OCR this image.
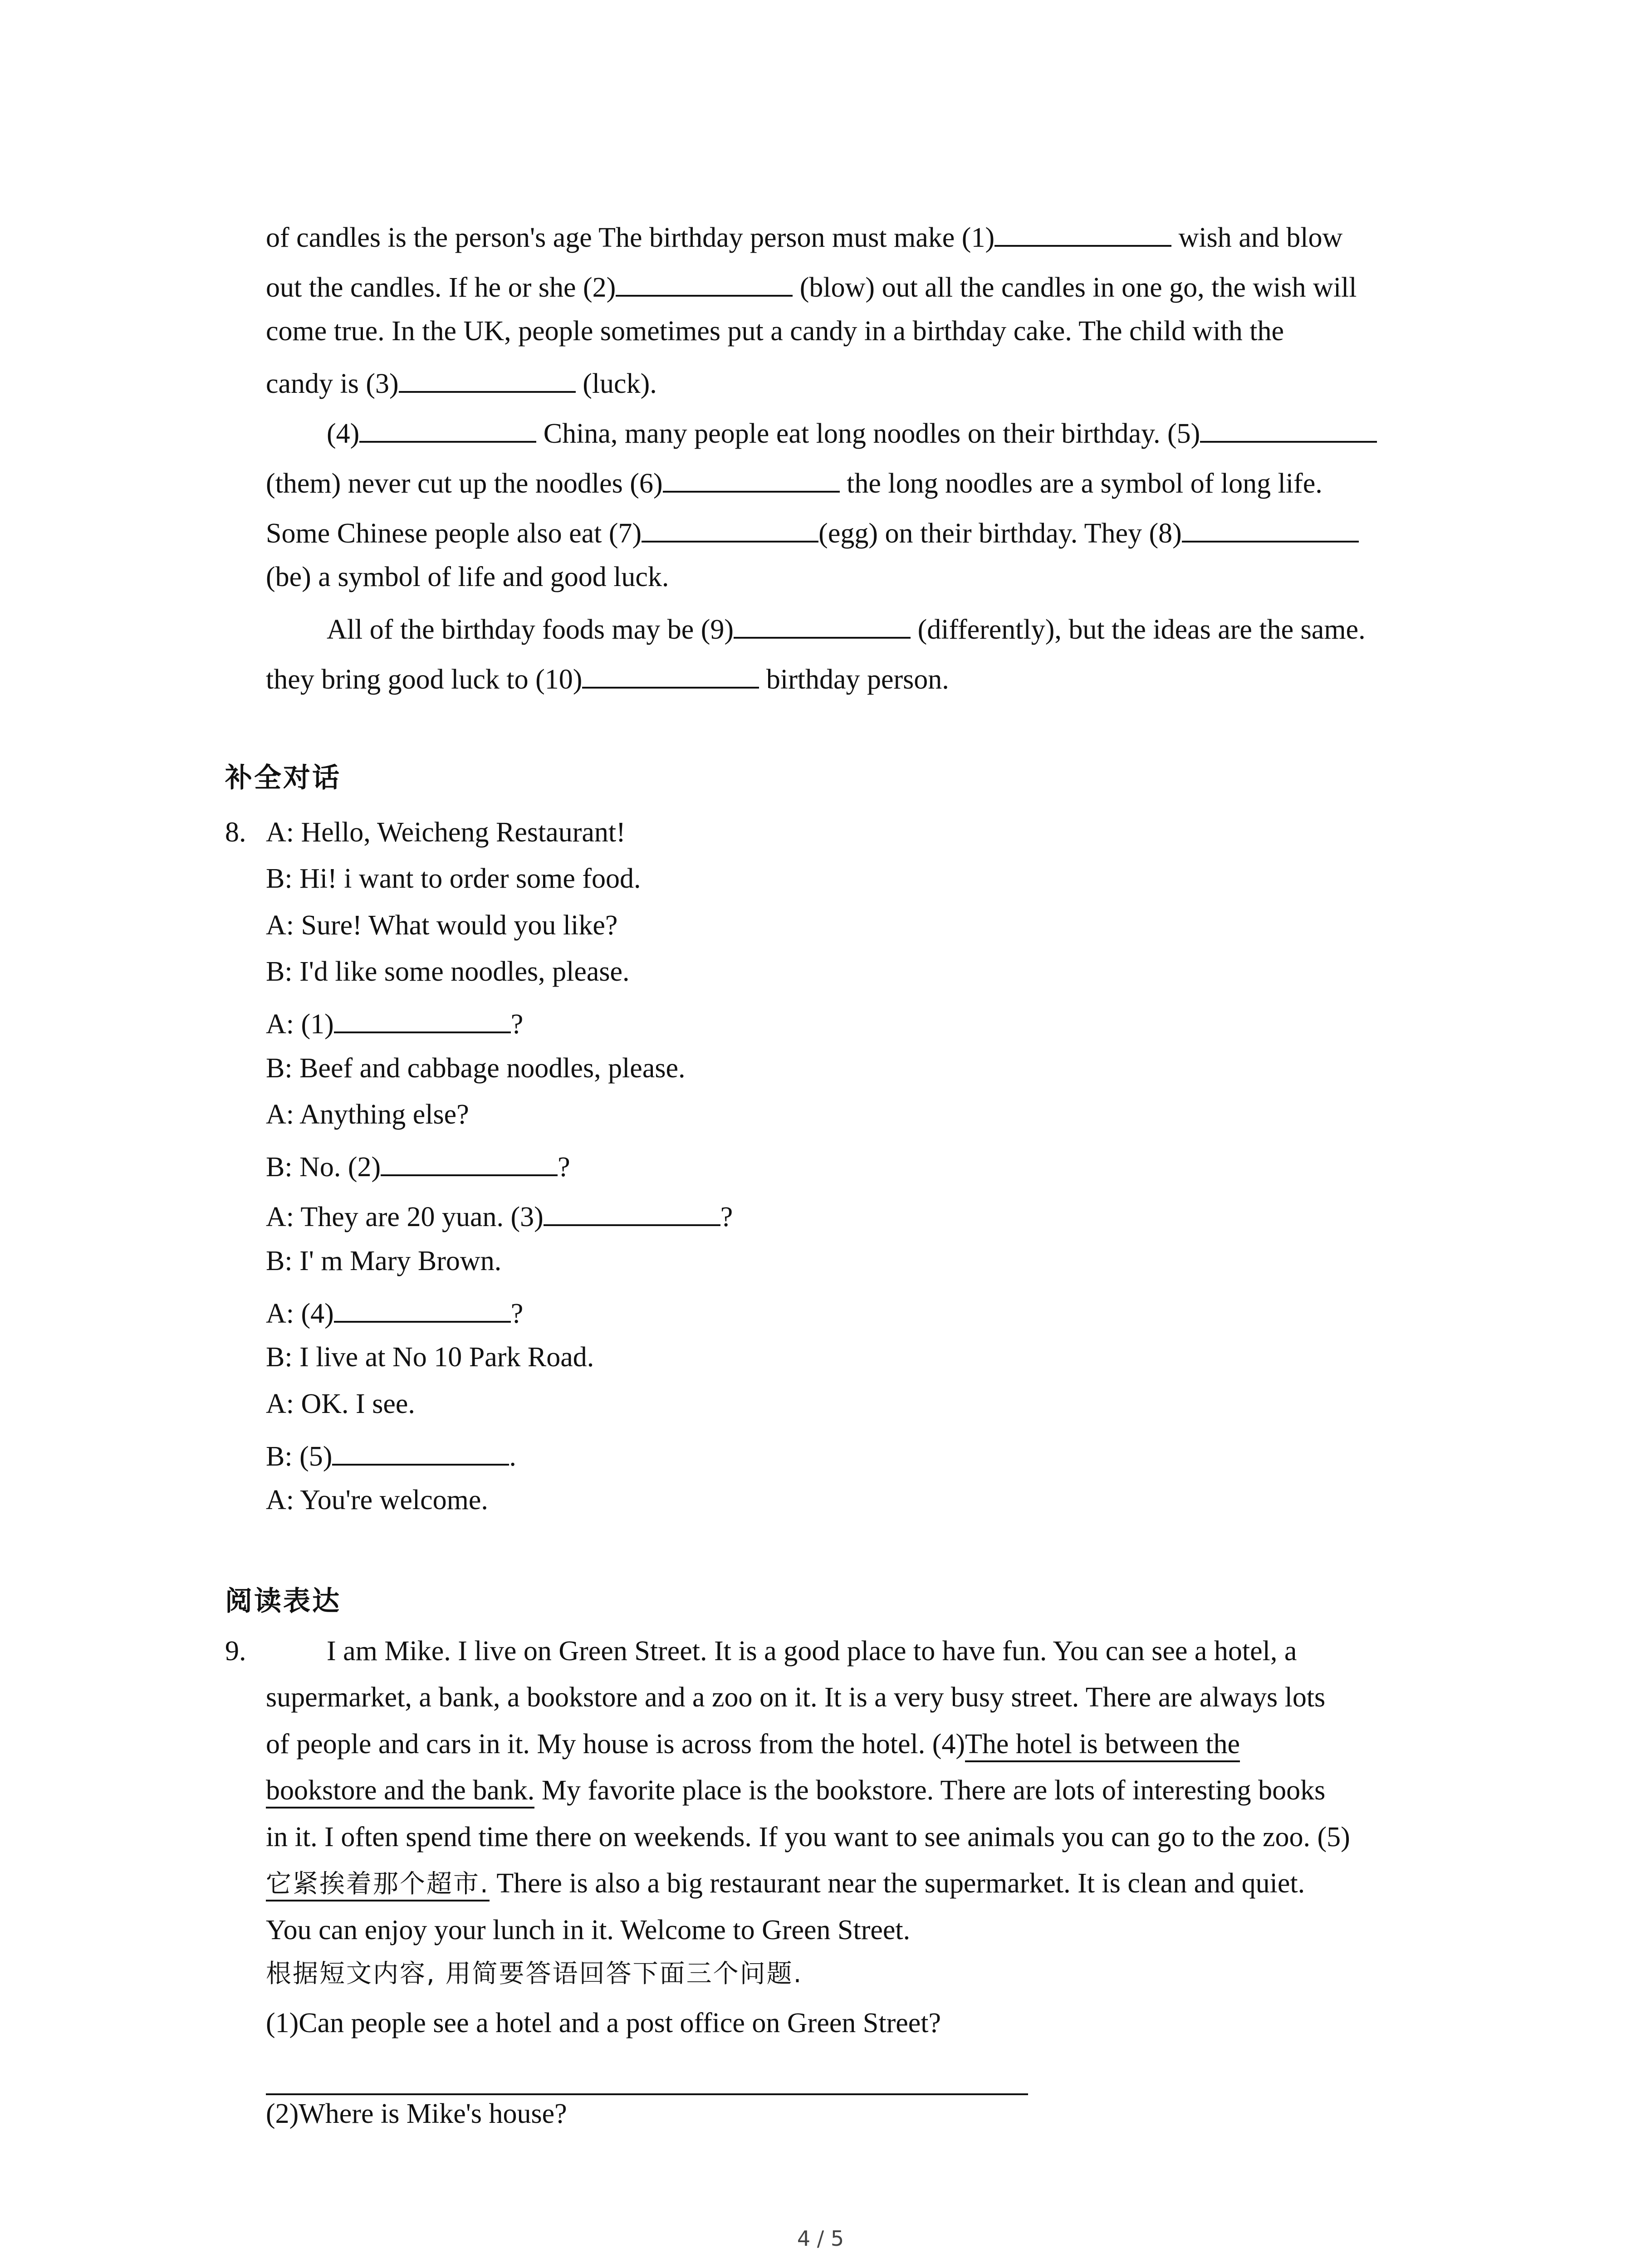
of candles is the person's age The birthday person must make (1)	wish and blow
out the candles. If he or she (2)	(blow) out all the candles in one go, the wish will
come true. In the UK, people sometimes put a candy in a birthday cake. The child with the
candy is (3)	(luck).
(4)	China, many people eat long noodles on their birthday. (5)
(them) never cut up the noodles (6)	the long noodles are a symbol of long life.
Some Chinese people also eat (7)	(egg) on their birthday. They (8)
(be) a symbol of life and good luck.
All of the birthday foods may be (9)	(differently), but the ideas are the same.
they bring good luck to (10)	birthday person.
补全对话
8. A: Hello, Weicheng Restaurant!
B: Hi! i want to order some food.
A: Sure! What would you like?
B: I'd like some noodles, please.
A: (1)	?
B: Beef and cabbage noodles, please.
A: Anything else?
B: No. (2)	?
A: They are 20 yuan. (3)	?
B: I' m Mary Brown.
A: (4)	?
B: I live at No 10 Park Road.
A: OK. I see.
B: (5)	.
A: You're welcome.
阅读表达
9.	I am Mike. I live on Green Street. It is a good place to have fun. You can see a hotel, a
supermarket, a bank, a bookstore and a zoo on it. It is a very busy street. There are always lots
of people and cars in it. My house is across from the hotel. (4)The hotel is between the
bookstore and the bank. My favorite place is the bookstore. There are lots of interesting books
in it. I often spend time there on weekends. If you want to see animals you can go to the zoo. (5)
它紧挨着那个超市. There is also a big restaurant near the supermarket. It is clean and quiet.
You can enjoy your lunch in it. Welcome to Green Street.
根据短文内容, 用简要答语回答下面三个问题.
(1)Can people see a hotel and a post office on Green Street?
(2)Where is Mike's house?
4 / 5
